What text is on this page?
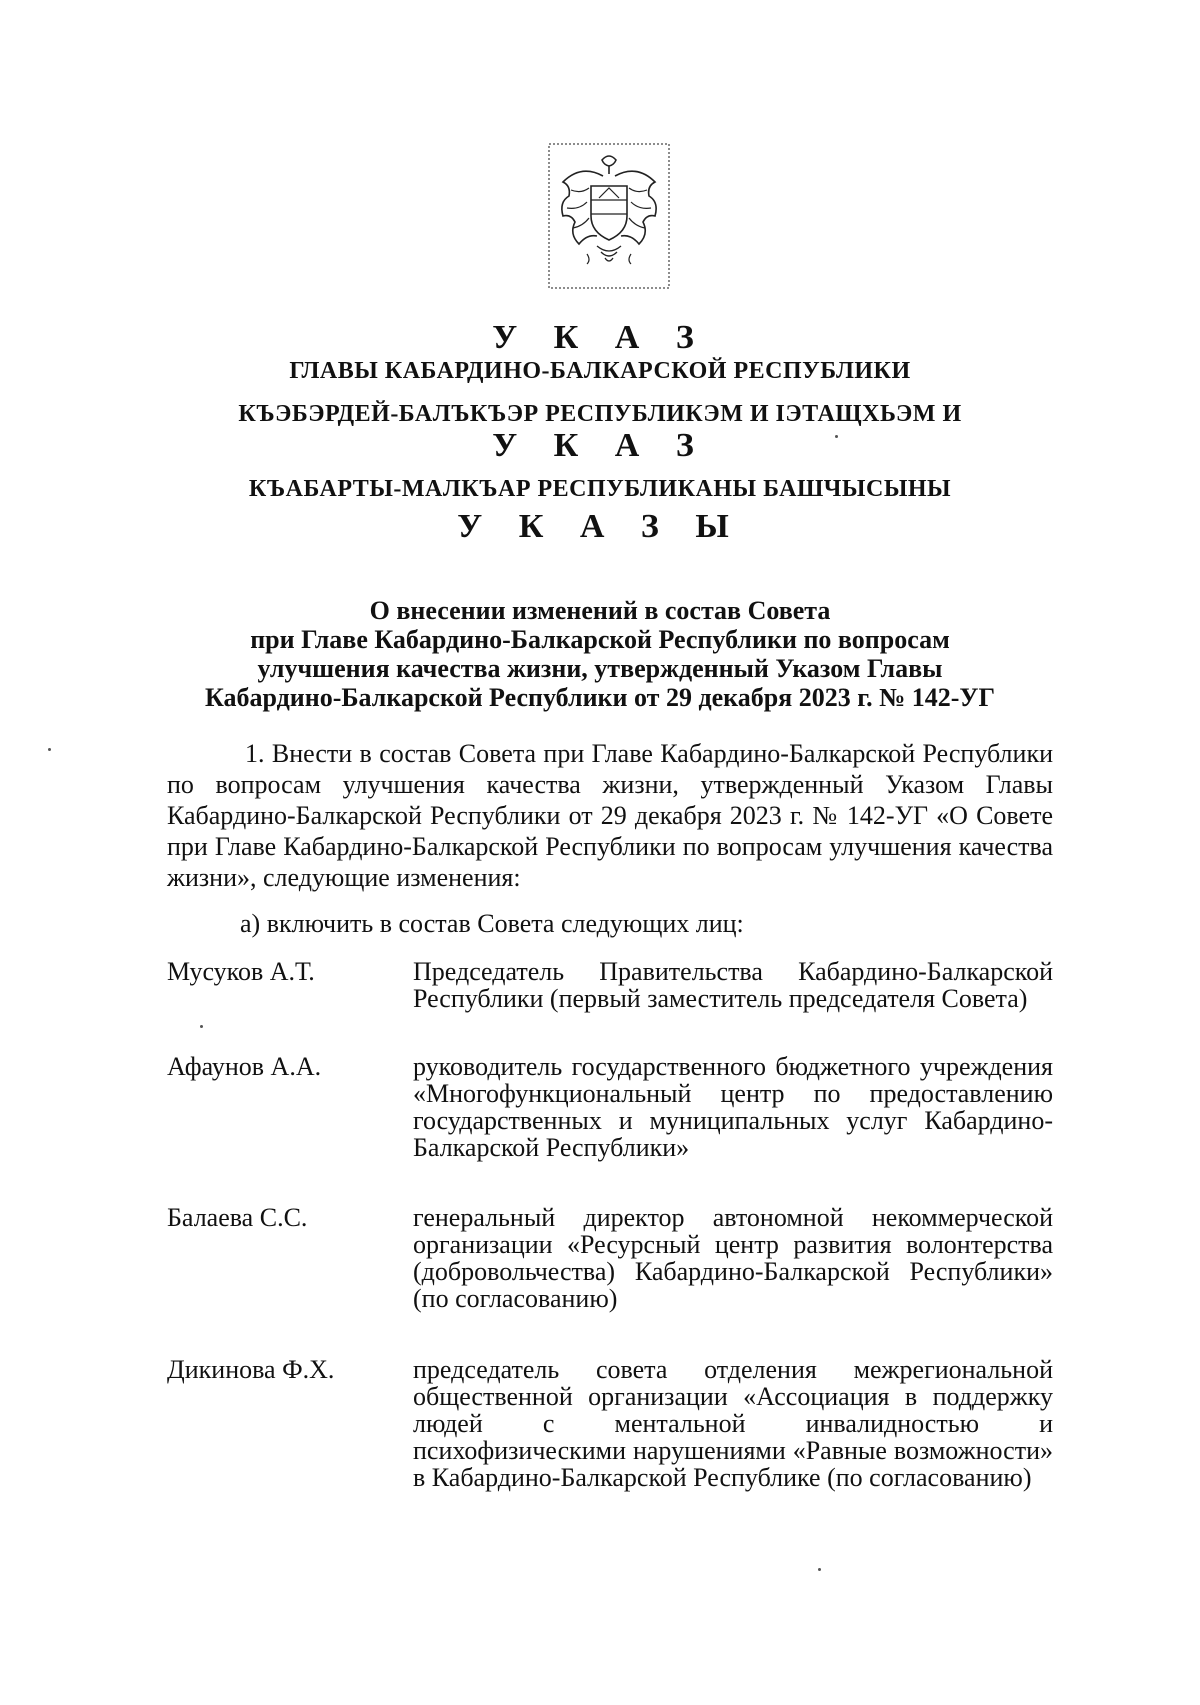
У К А З
ГЛАВЫ КАБАРДИНО-БАЛКАРСКОЙ РЕСПУБЛИКИ
КЪЭБЭРДЕЙ-БАЛЪКЪЭР РЕСПУБЛИКЭМ И IЭТАЩХЬЭМ И
У К А З
КЪАБАРТЫ-МАЛКЪАР РЕСПУБЛИКАНЫ БАШЧЫСЫНЫ
У К А З Ы
О внесении изменений в состав Совета
при Главе Кабардино-Балкарской Республики по вопросам
улучшения качества жизни, утвержденный Указом Главы
Кабардино-Балкарской Республики от 29 декабря 2023 г. № 142-УГ
1. Внести в состав Совета при Главе Кабардино-Балкарской Республики по вопросам улучшения качества жизни, утвержденный Указом Главы Кабардино-Балкарской Республики от 29 декабря 2023 г. № 142-УГ «О Совете при Главе Кабардино-Балкарской Республики по вопросам улучшения качества жизни», следующие изменения:
а) включить в состав Совета следующих лиц:
Мусуков А.Т.	Председатель Правительства Кабардино-Балкарской Республики (первый заместитель председателя Совета)
Афаунов А.А.	руководитель государственного бюджетного учреждения «Многофункциональный центр по предоставлению государственных и муниципальных услуг Кабардино-Балкарской Республики»
Балаева С.С.	генеральный директор автономной некоммерческой организации «Ресурсный центр развития волонтерства (добровольчества) Кабардино-Балкарской Республики» (по согласованию)
Дикинова Ф.Х.	председатель совета отделения межрегиональной общественной организации «Ассоциация в поддержку людей с ментальной инвалидностью и психофизическими нарушениями «Равные возможности» в Кабардино-Балкарской Республике (по согласованию)
